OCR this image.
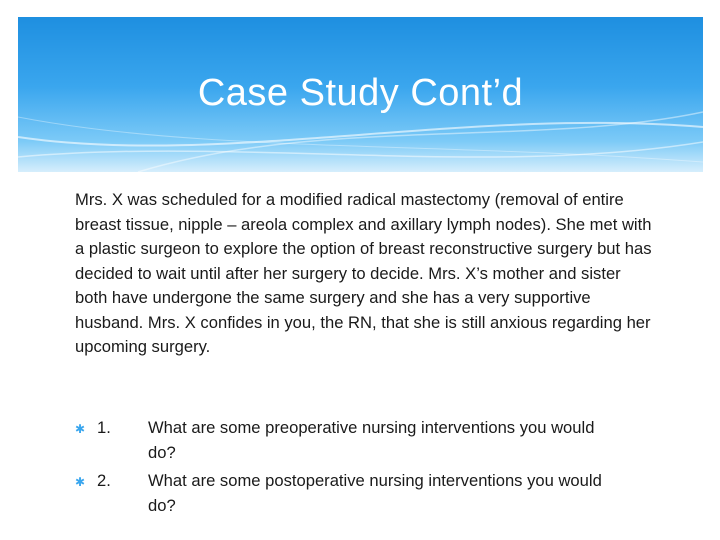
Case Study Cont’d
Mrs. X was scheduled for a modified radical mastectomy (removal of entire breast tissue, nipple – areola complex and axillary lymph nodes). She met with a plastic surgeon to explore the option of breast reconstructive surgery but has decided to wait until after her surgery to decide. Mrs. X’s mother and sister both have undergone the same surgery and she has a very supportive husband. Mrs. X confides in you, the RN, that she is still anxious regarding her upcoming surgery.
✱ 1.	What are some preoperative nursing interventions you would do?
✱ 2.	What are some postoperative nursing interventions you would do?
